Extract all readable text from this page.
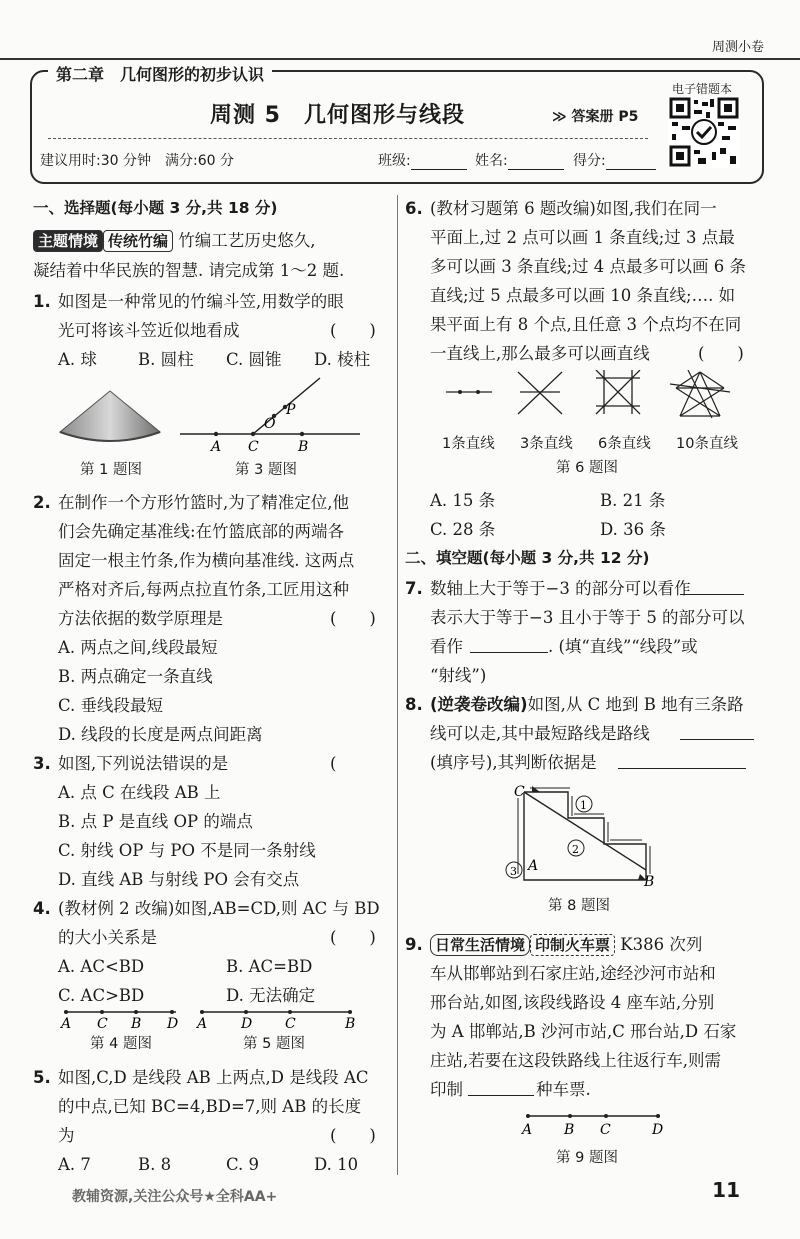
周测小卷
第二章　几何图形的初步认识
周测 5　几何图形与线段	≫ 答案册 P5
建议用时:30 分钟　满分:60 分	班级:	姓名:	得分:
电子错题本
一、选择题(每小题 3 分,共 18 分)
主题情境 传统竹编 竹编工艺历史悠久,
凝结着中华民族的智慧. 请完成第 1～2 题.
1. 如图是一种常见的竹编斗笠,用数学的眼
光可将该斗笠近似地看成	(　　)
A. 球 B. 圆柱 C. 圆锥 D. 棱柱
第 1 题图
A C	B
O
P
第 3 题图
2. 在制作一个方形竹篮时,为了精准定位,他
们会先确定基准线:在竹篮底部的两端各
固定一根主竹条,作为横向基准线. 这两点
严格对齐后,每两点拉直竹条,工匠用这种
方法依据的数学原理是	(　　)
A. 两点之间,线段最短
B. 两点确定一条直线
C. 垂线段最短
D. 线段的长度是两点间距离
3. 如图,下列说法错误的是	(
A. 点 C 在线段 AB 上
B. 点 P 是直线 OP 的端点
C. 射线 OP 与 PO 不是同一条射线
D. 直线 AB 与射线 PO 会有交点
4. (教材例 2 改编)如图,AB=CD,则 AC 与 BD
的大小关系是	(　　)
A. AC<BD	B. AC=BD
C. AC>BD	D. 无法确定
A C B D A D C	B
第 4 题图	第 5 题图
5. 如图,C,D 是线段 AB 上两点,D 是线段 AC
的中点,已知 BC=4,BD=7,则 AB 的长度
为	(　　)
A. 7	B. 8	C. 9	D. 10
6. (教材习题第 6 题改编)如图,我们在同一
平面上,过 2 点可以画 1 条直线;过 3 点最
多可以画 3 条直线;过 4 点最多可以画 6 条
直线;过 5 点最多可以画 10 条直线;…. 如
果平面上有 8 个点,且任意 3 个点均不在同
一直线上,那么最多可以画直线	(　　)
1条直线 3条直线 6条直线 10条直线
第 6 题图
A. 15 条	B. 21 条
C. 28 条	D. 36 条
二、填空题(每小题 3 分,共 12 分)
7. 数轴上大于等于−3 的部分可以看作
表示大于等于−3 且小于等于 5 的部分可以
看作	. (填“直线”“线段”或
“射线”)
8. (逆袭卷改编)如图,从 C 地到 B 地有三条路
线可以走,其中最短路线是路线
(填序号),其判断依据是
C
A
B
1
2
3
第 8 题图
9. 日常生活情境 印制火车票 K386 次列
车从邯郸站到石家庄站,途经沙河市站和
邢台站,如图,该段线路设 4 座车站,分别
为 A 邯郸站,B 沙河市站,C 邢台站,D 石家
庄站,若要在这段铁路线上往返行车,则需
印制	种车票.
A B C	D
第 9 题图
教辅资源,关注公众号★全科AA+	11
